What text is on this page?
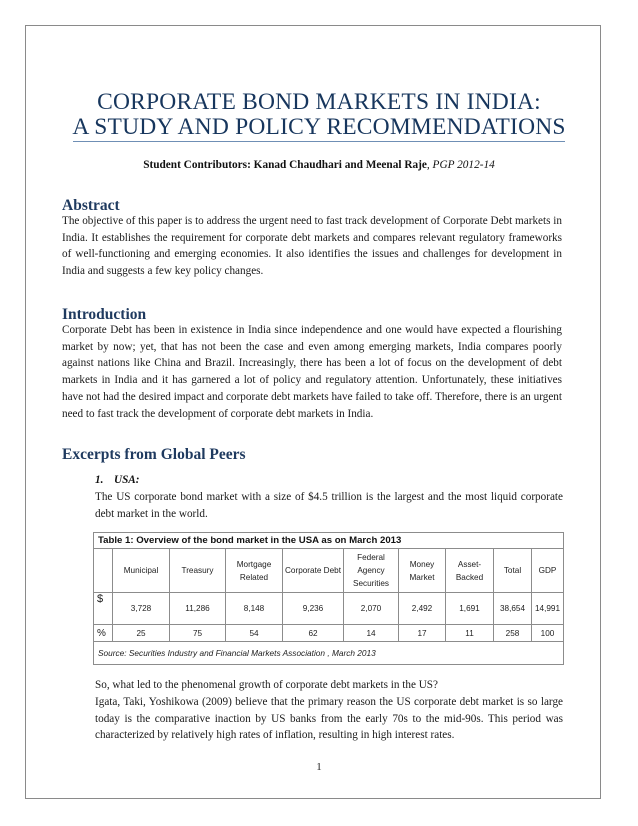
CORPORATE BOND MARKETS IN INDIA:
A STUDY AND POLICY RECOMMENDATIONS
Student Contributors: Kanad Chaudhari and Meenal Raje, PGP 2012-14
Abstract
The objective of this paper is to address the urgent need to fast track development of Corporate Debt markets in India. It establishes the requirement for corporate debt markets and compares relevant regulatory frameworks of well-functioning and emerging economies. It also identifies the issues and challenges for development in India and suggests a few key policy changes.
Introduction
Corporate Debt has been in existence in India since independence and one would have expected a flourishing market by now; yet, that has not been the case and even among emerging markets, India compares poorly against nations like China and Brazil. Increasingly, there has been a lot of focus on the development of debt markets in India and it has garnered a lot of policy and regulatory attention. Unfortunately, these initiatives have not had the desired impact and corporate debt markets have failed to take off. Therefore, there is an urgent need to fast track the development of corporate debt markets in India.
Excerpts from Global Peers
1. USA:
The US corporate bond market with a size of $4.5 trillion is the largest and the most liquid corporate debt market in the world.
Table 1: Overview of the bond market in the USA as on March 2013									
	Municipal	Treasury	Mortgage Related	Corporate Debt	Federal Agency Securities	Money Market	Asset-Backed	Total	GDP
$	3,728	11,286	8,148	9,236	2,070	2,492	1,691	38,654	14,991
%	25	75	54	62	14	17	11	258	100
Source: Securities Industry and Financial Markets Association , March 2013									
So, what led to the phenomenal growth of corporate debt markets in the US?
Igata, Taki, Yoshikowa (2009) believe that the primary reason the US corporate debt market is so large today is the comparative inaction by US banks from the early 70s to the mid-90s. This period was characterized by relatively high rates of inflation, resulting in high interest rates.
1
